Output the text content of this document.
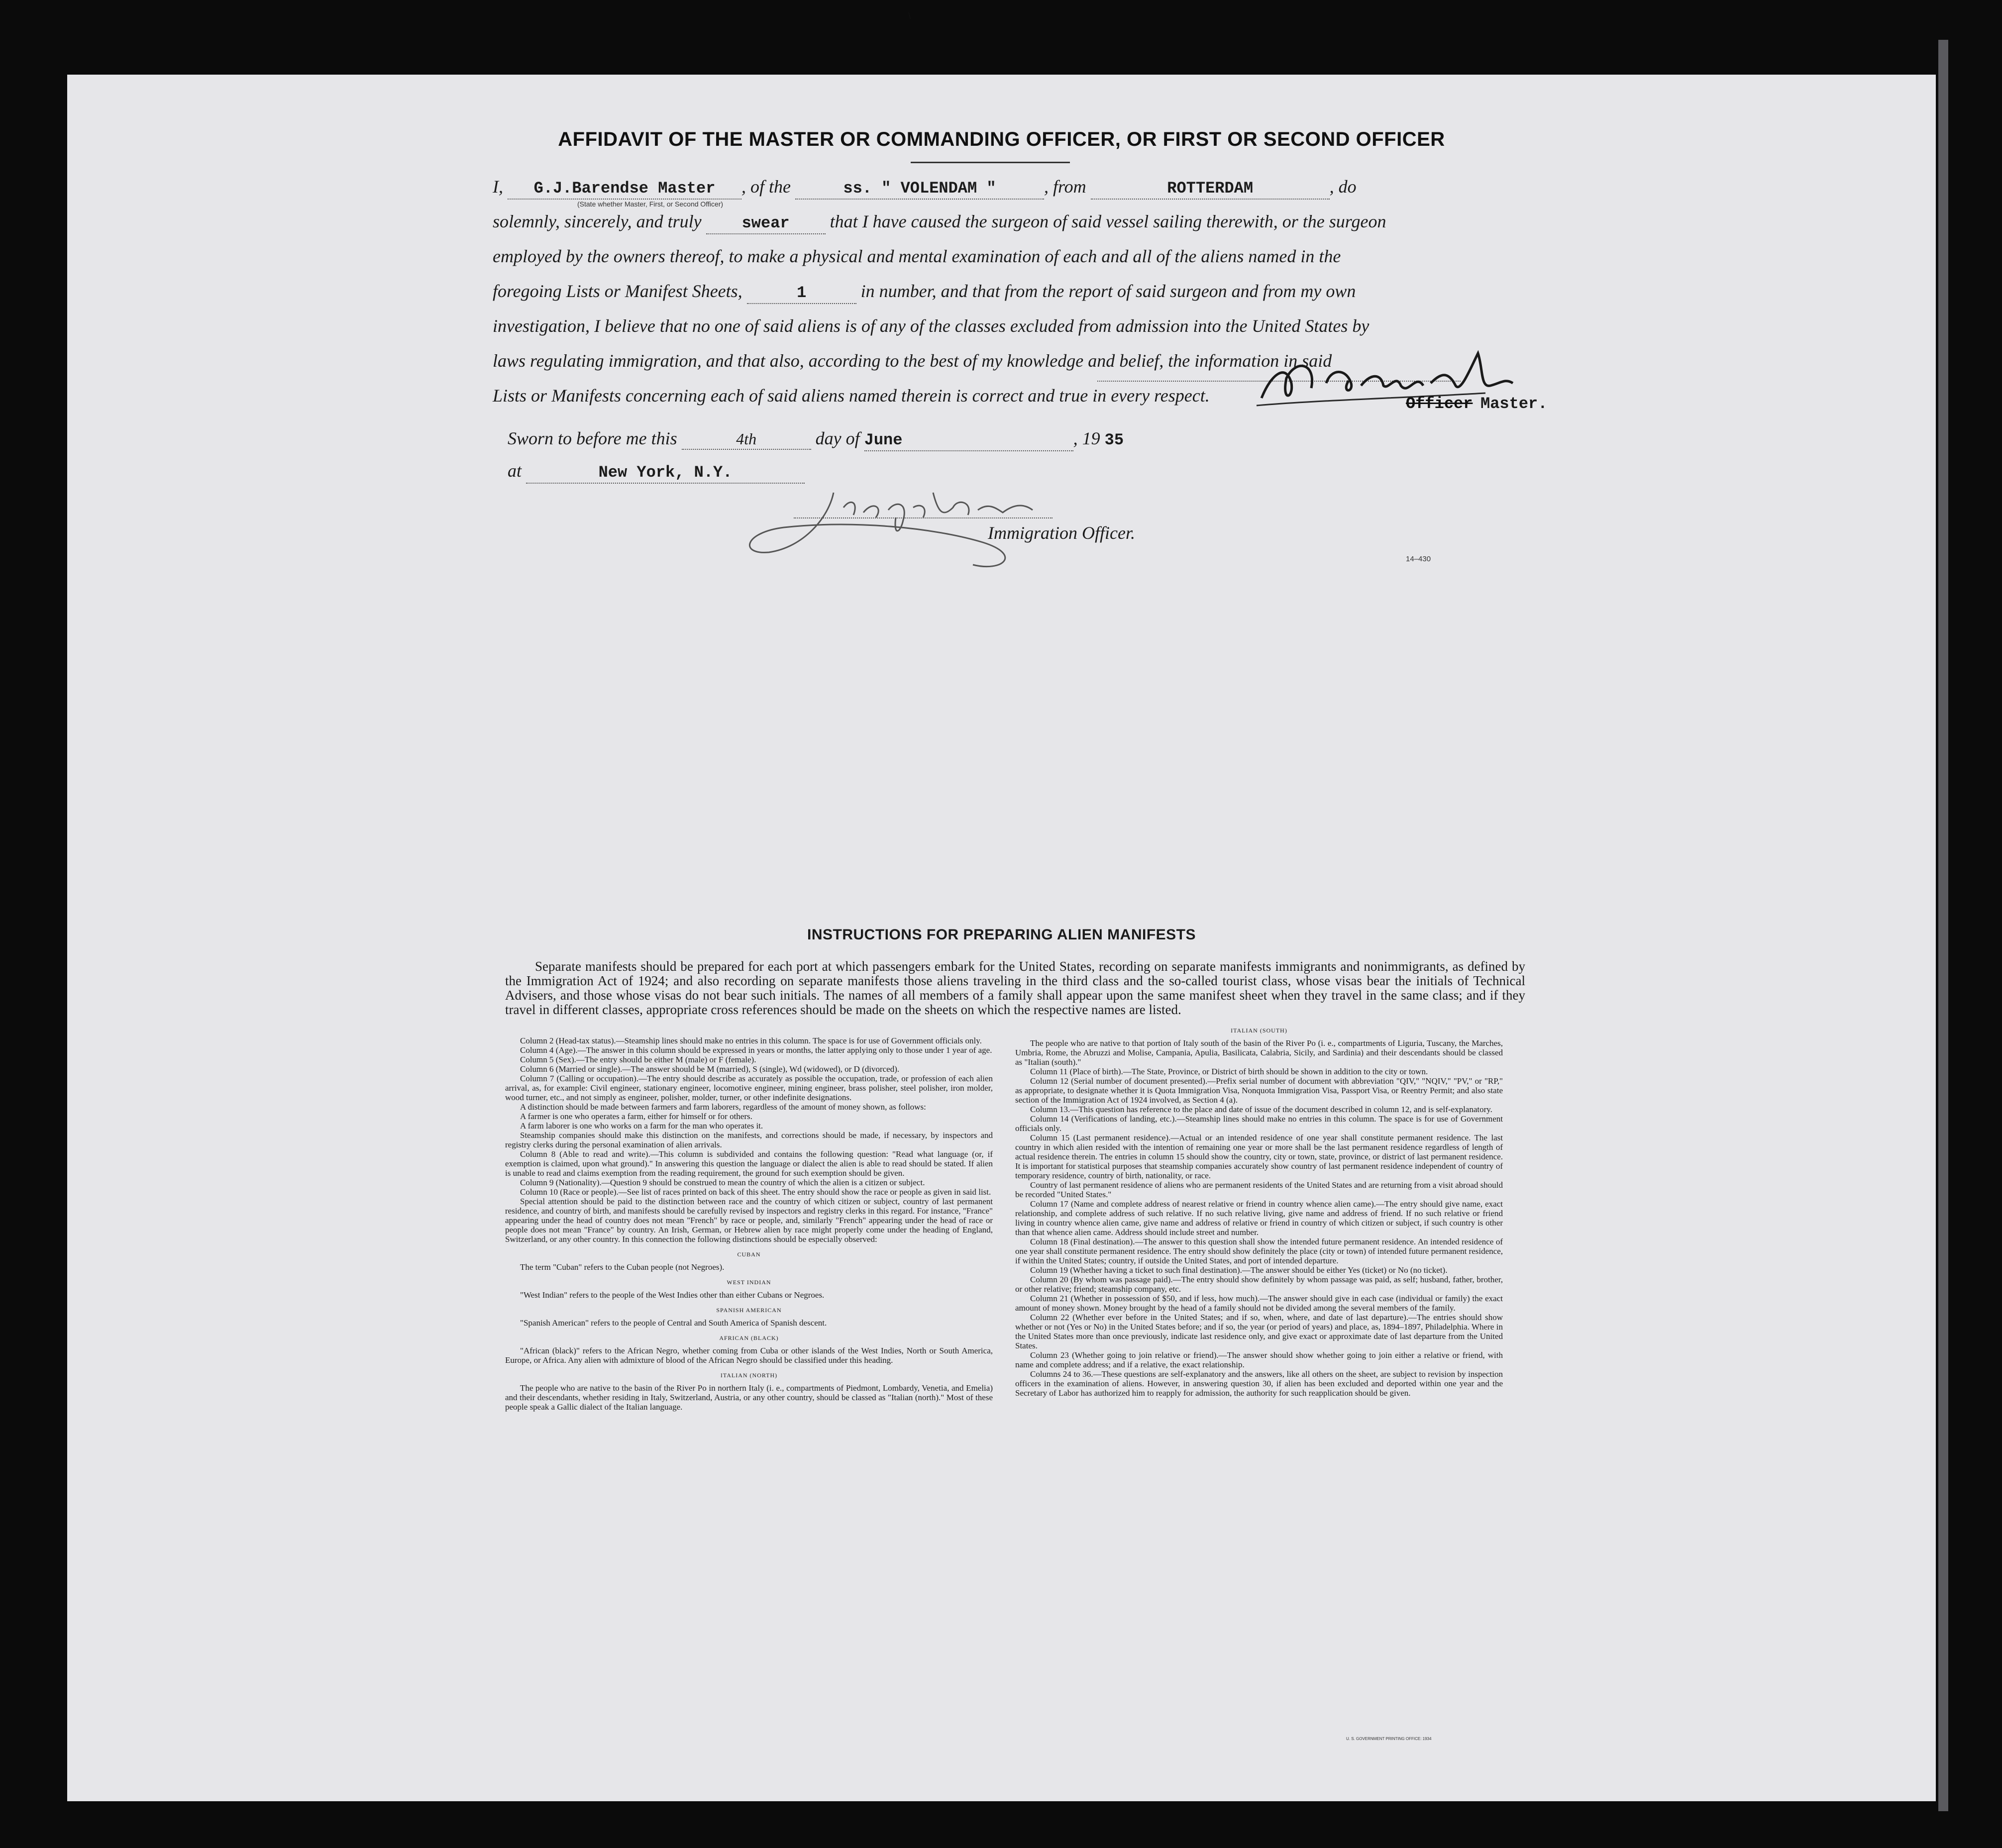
\
AFFIDAVIT OF THE MASTER OR COMMANDING OFFICER, OR FIRST OR SECOND OFFICER
I, G.J.Barendse Master , of the	ss. " VOLENDAM "	, from	ROTTERDAM	, do
solemnly, sincerely, and truly	swear that I have caused the surgeon of said vessel sailing therewith, or the surgeon
employed by the owners thereof, to make a physical and mental examination of each and all of the aliens named in the
foregoing Lists or Manifest Sheets,	1	in number, and that from the report of said surgeon and from my own
investigation, I believe that no one of said aliens is of any of the classes excluded from admission into the United States by
laws regulating immigration, and that also, according to the best of my knowledge and belief, the information in said
Lists or Manifests concerning each of said aliens named therein is correct and true in every respect.
(State whether Master, First, or Second Officer)
Officer Master.
Sworn to before me this	4th	day of June	, 19 35
at	New York, N.Y.
Immigration Officer.
14–430
INSTRUCTIONS FOR PREPARING ALIEN MANIFESTS
Separate manifests should be prepared for each port at which passengers embark for the United States, recording on separate manifests immigrants and nonimmigrants, as defined by the Immigration Act of 1924; and also recording on separate manifests those aliens traveling in the third class and the so-called tourist class, whose visas bear the initials of Technical Advisers, and those whose visas do not bear such initials. The names of all members of a family shall appear upon the same manifest sheet when they travel in the same class; and if they travel in different classes, appropriate cross references should be made on the sheets on which the respective names are listed.

Column 2 (Head-tax status).—Steamship lines should make no entries in this column. The space is for use of Government officials only.

Column 4 (Age).—The answer in this column should be expressed in years or months, the latter applying only to those under 1 year of age.

Column 5 (Sex).—The entry should be either M (male) or F (female).

Column 6 (Married or single).—The answer should be M (married), S (single), Wd (widowed), or D (divorced).

Column 7 (Calling or occupation).—The entry should describe as accurately as possible the occupation, trade, or profession of each alien arrival, as, for example: Civil engineer, stationary engineer, locomotive engineer, mining engineer, brass polisher, steel polisher, iron molder, wood turner, etc., and not simply as engineer, polisher, molder, turner, or other indefinite designations.

A distinction should be made between farmers and farm laborers, regardless of the amount of money shown, as follows:

A farmer is one who operates a farm, either for himself or for others.

A farm laborer is one who works on a farm for the man who operates it.

Steamship companies should make this distinction on the manifests, and corrections should be made, if necessary, by inspectors and registry clerks during the personal examination of alien arrivals.

Column 8 (Able to read and write).—This column is subdivided and contains the following question: "Read what language (or, if exemption is claimed, upon what ground)." In answering this question the language or dialect the alien is able to read should be stated. If alien is unable to read and claims exemption from the reading requirement, the ground for such exemption should be given.

Column 9 (Nationality).—Question 9 should be construed to mean the country of which the alien is a citizen or subject.

Column 10 (Race or people).—See list of races printed on back of this sheet. The entry should show the race or people as given in said list.

Special attention should be paid to the distinction between race and the country of which citizen or subject, country of last permanent residence, and country of birth, and manifests should be carefully revised by inspectors and registry clerks in this regard. For instance, "France" appearing under the head of country does not mean "French" by race or people, and, similarly "French" appearing under the head of race or people does not mean "France" by country. An Irish, German, or Hebrew alien by race might properly come under the heading of England, Switzerland, or any other country. In this connection the following distinctions should be especially observed:

CUBAN

The term "Cuban" refers to the Cuban people (not Negroes).

WEST INDIAN

"West Indian" refers to the people of the West Indies other than either Cubans or Negroes.

SPANISH AMERICAN

"Spanish American" refers to the people of Central and South America of Spanish descent.

AFRICAN (BLACK)

"African (black)" refers to the African Negro, whether coming from Cuba or other islands of the West Indies, North or South America, Europe, or Africa. Any alien with admixture of blood of the African Negro should be classified under this heading.

ITALIAN (NORTH)

The people who are native to the basin of the River Po in northern Italy (i. e., compartments of Piedmont, Lombardy, Venetia, and Emelia) and their descendants, whether residing in Italy, Switzerland, Austria, or any other country, should be classed as "Italian (north)." Most of these people speak a Gallic dialect of the Italian language.

ITALIAN (SOUTH)

The people who are native to that portion of Italy south of the basin of the River Po (i. e., compartments of Liguria, Tuscany, the Marches, Umbria, Rome, the Abruzzi and Molise, Campania, Apulia, Basilicata, Calabria, Sicily, and Sardinia) and their descendants should be classed as "Italian (south)."

Column 11 (Place of birth).—The State, Province, or District of birth should be shown in addition to the city or town.

Column 12 (Serial number of document presented).—Prefix serial number of document with abbreviation "QIV," "NQIV," "PV," or "RP," as appropriate, to designate whether it is Quota Immigration Visa, Nonquota Immigration Visa, Passport Visa, or Reentry Permit; and also state section of the Immigration Act of 1924 involved, as Section 4 (a).

Column 13.—This question has reference to the place and date of issue of the document described in column 12, and is self-explanatory.

Column 14 (Verifications of landing, etc.).—Steamship lines should make no entries in this column. The space is for use of Government officials only.

Column 15 (Last permanent residence).—Actual or an intended residence of one year shall constitute permanent residence. The last country in which alien resided with the intention of remaining one year or more shall be the last permanent residence regardless of length of actual residence therein. The entries in column 15 should show the country, city or town, state, province, or district of last permanent residence. It is important for statistical purposes that steamship companies accurately show country of last permanent residence independent of country of temporary residence, country of birth, nationality, or race.

Country of last permanent residence of aliens who are permanent residents of the United States and are returning from a visit abroad should be recorded "United States."

Column 17 (Name and complete address of nearest relative or friend in country whence alien came).—The entry should give name, exact relationship, and complete address of such relative. If no such relative living, give name and address of friend. If no such relative or friend living in country whence alien came, give name and address of relative or friend in country of which citizen or subject, if such country is other than that whence alien came. Address should include street and number.

Column 18 (Final destination).—The answer to this question shall show the intended future permanent residence. An intended residence of one year shall constitute permanent residence. The entry should show definitely the place (city or town) of intended future permanent residence, if within the United States; country, if outside the United States, and port of intended departure.

Column 19 (Whether having a ticket to such final destination).—The answer should be either Yes (ticket) or No (no ticket).

Column 20 (By whom was passage paid).—The entry should show definitely by whom passage was paid, as self; husband, father, brother, or other relative; friend; steamship company, etc.

Column 21 (Whether in possession of $50, and if less, how much).—The answer should give in each case (individual or family) the exact amount of money shown. Money brought by the head of a family should not be divided among the several members of the family.

Column 22 (Whether ever before in the United States; and if so, when, where, and date of last departure).—The entries should show whether or not (Yes or No) in the United States before; and if so, the year (or period of years) and place, as, 1894–1897, Philadelphia. Where in the United States more than once previously, indicate last residence only, and give exact or approximate date of last departure from the United States.

Column 23 (Whether going to join relative or friend).—The answer should show whether going to join either a relative or friend, with name and complete address; and if a relative, the exact relationship.

Columns 24 to 36.—These questions are self-explanatory and the answers, like all others on the sheet, are subject to revision by inspection officers in the examination of aliens. However, in answering question 30, if alien has been excluded and deported within one year and the Secretary of Labor has authorized him to reapply for admission, the authority for such reapplication should be given.

U. S. GOVERNMENT PRINTING OFFICE: 1934
